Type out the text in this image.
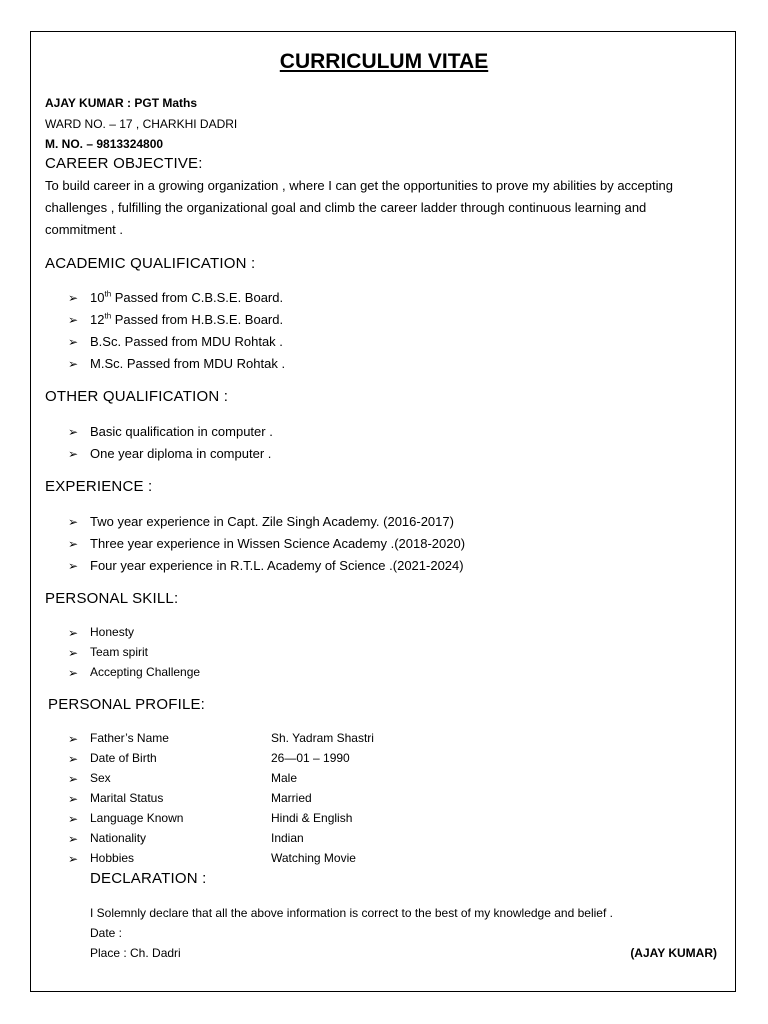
CURRICULUM VITAE
AJAY KUMAR : PGT Maths
WARD NO. – 17 , CHARKHI DADRI
M. NO. – 9813324800
CAREER OBJECTIVE:
To build career in a growing organization , where I can get the opportunities to prove my abilities by accepting
challenges , fulfilling the organizational goal and climb the career ladder through continuous learning and
commitment .
ACADEMIC QUALIFICATION :
➢ 10th Passed from C.B.S.E. Board.
➢ 12th Passed from H.B.S.E. Board.
➢ B.Sc. Passed from MDU Rohtak .
➢ M.Sc. Passed from MDU Rohtak .
OTHER QUALIFICATION :
➢ Basic qualification in computer .
➢ One year diploma in computer .
EXPERIENCE :
➢ Two year experience in Capt. Zile Singh Academy. (2016-2017)
➢ Three year experience in Wissen Science Academy .(2018-2020)
➢ Four year experience in R.T.L. Academy of Science .(2021-2024)
PERSONAL SKILL:
➢ Honesty
➢ Team spirit
➢ Accepting Challenge
PERSONAL PROFILE:
➢ Father’s Name	Sh. Yadram Shastri
➢ Date of Birth	26—01 – 1990
➢ Sex	Male
➢ Marital Status	Married
➢ Language Known	Hindi & English
➢ Nationality	Indian
➢ Hobbies	Watching Movie
DECLARATION :
I Solemnly declare that all the above information is correct to the best of my knowledge and belief .
Date :
Place : Ch. Dadri	(AJAY KUMAR)
